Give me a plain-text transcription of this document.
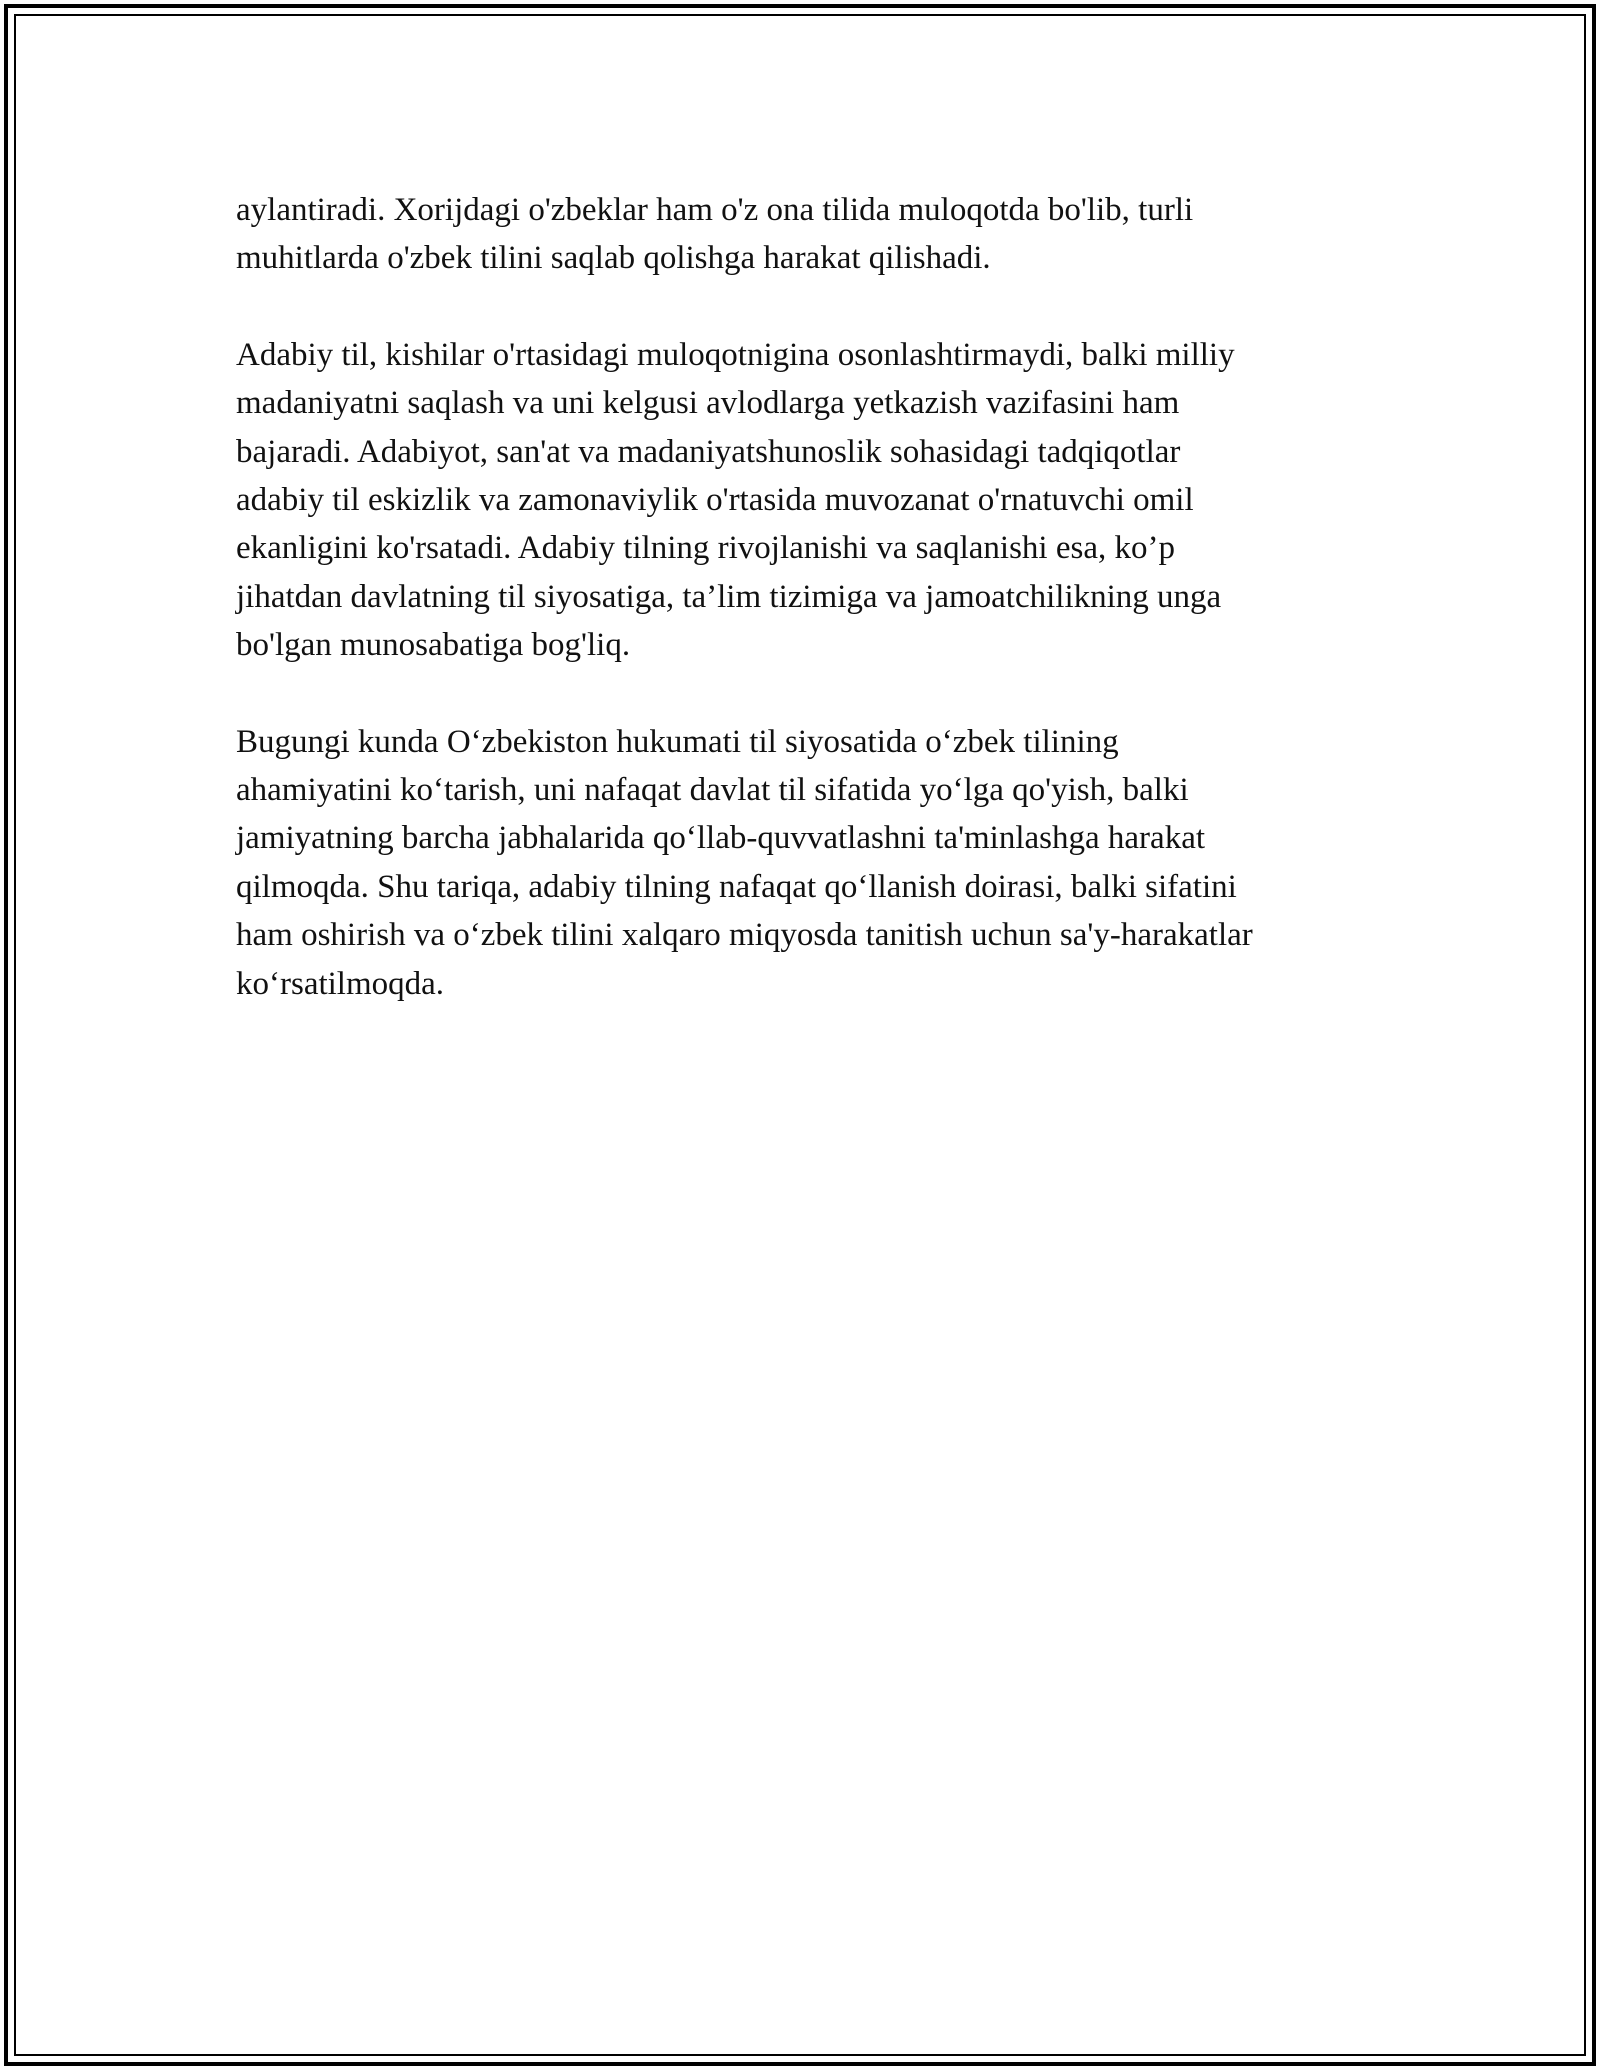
aylantiradi. Xorijdagi o'zbeklar ham o'z ona tilida muloqotda bo'lib, turli
muhitlarda o'zbek tilini saqlab qolishga harakat qilishadi.

Adabiy til, kishilar o'rtasidagi muloqotnigina osonlashtirmaydi, balki milliy
madaniyatni saqlash va uni kelgusi avlodlarga yetkazish vazifasini ham
bajaradi. Adabiyot, san'at va madaniyatshunoslik sohasidagi tadqiqotlar
adabiy til eskizlik va zamonaviylik o'rtasida muvozanat o'rnatuvchi omil
ekanligini ko'rsatadi. Adabiy tilning rivojlanishi va saqlanishi esa, ko’p
jihatdan davlatning til siyosatiga, ta’lim tizimiga va jamoatchilikning unga
bo'lgan munosabatiga bog'liq.

Bugungi kunda O‘zbekiston hukumati til siyosatida o‘zbek tilining
ahamiyatini ko‘tarish, uni nafaqat davlat til sifatida yo‘lga qo'yish, balki
jamiyatning barcha jabhalarida qo‘llab-quvvatlashni ta'minlashga harakat
qilmoqda. Shu tariqa, adabiy tilning nafaqat qo‘llanish doirasi, balki sifatini
ham oshirish va o‘zbek tilini xalqaro miqyosda tanitish uchun sa'y-harakatlar
ko‘rsatilmoqda.
